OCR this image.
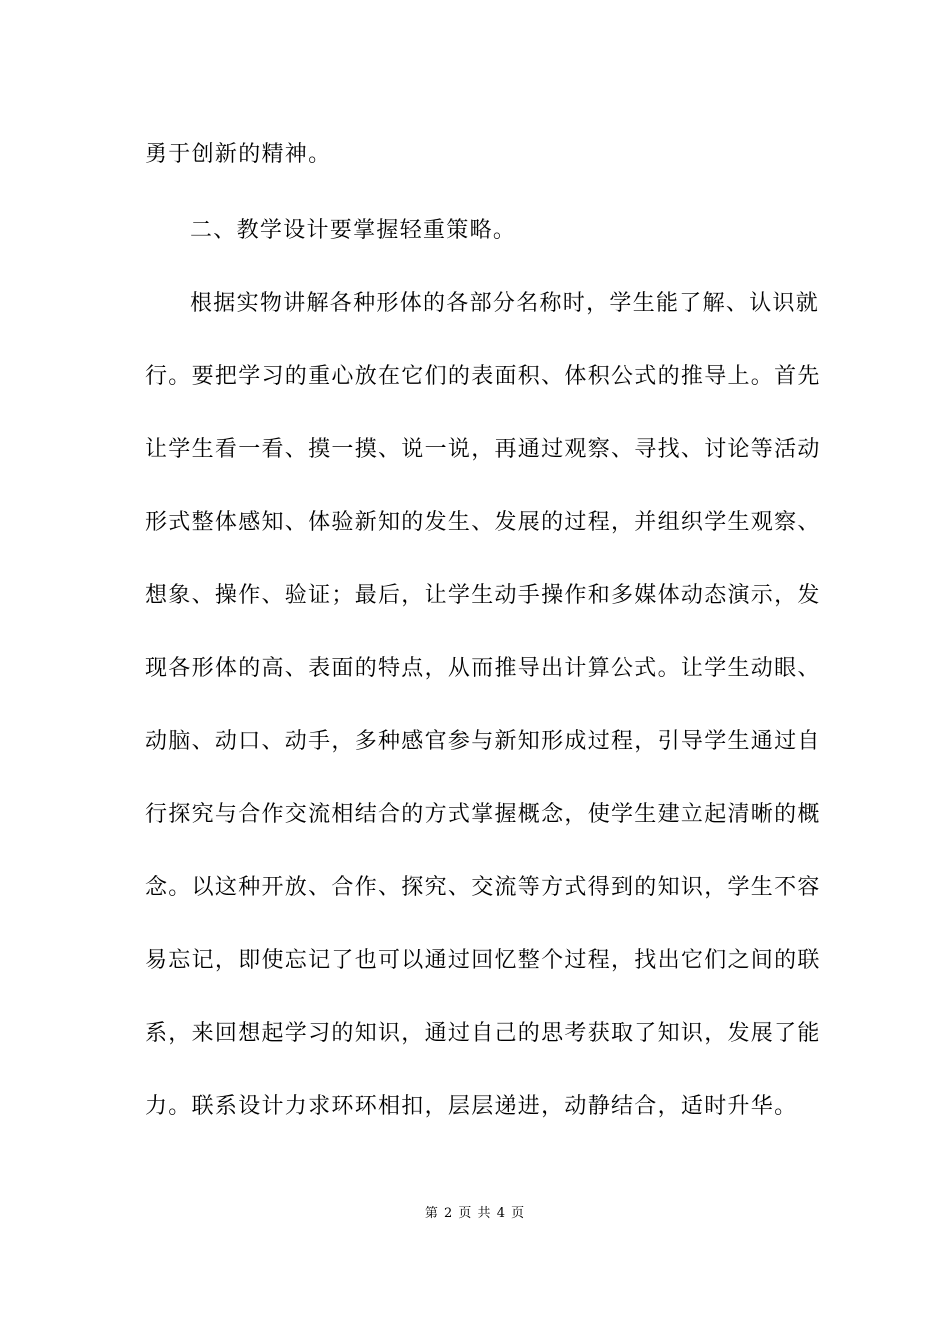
勇于创新的精神。
二、教学设计要掌握轻重策略。
根据实物讲解各种形体的各部分名称时，学生能了解、认识就
行。要把学习的重心放在它们的表面积、体积公式的推导上。首先
让学生看一看、摸一摸、说一说，再通过观察、寻找、讨论等活动
形式整体感知、体验新知的发生、发展的过程，并组织学生观察、
想象、操作、验证；最后，让学生动手操作和多媒体动态演示，发
现各形体的高、表面的特点，从而推导出计算公式。让学生动眼、
动脑、动口、动手，多种感官参与新知形成过程，引导学生通过自
行探究与合作交流相结合的方式掌握概念，使学生建立起清晰的概
念。以这种开放、合作、探究、交流等方式得到的知识，学生不容
易忘记，即使忘记了也可以通过回忆整个过程，找出它们之间的联
系，来回想起学习的知识，通过自己的思考获取了知识，发展了能
力。联系设计力求环环相扣，层层递进，动静结合，适时升华。
第 2 页 共 4 页
